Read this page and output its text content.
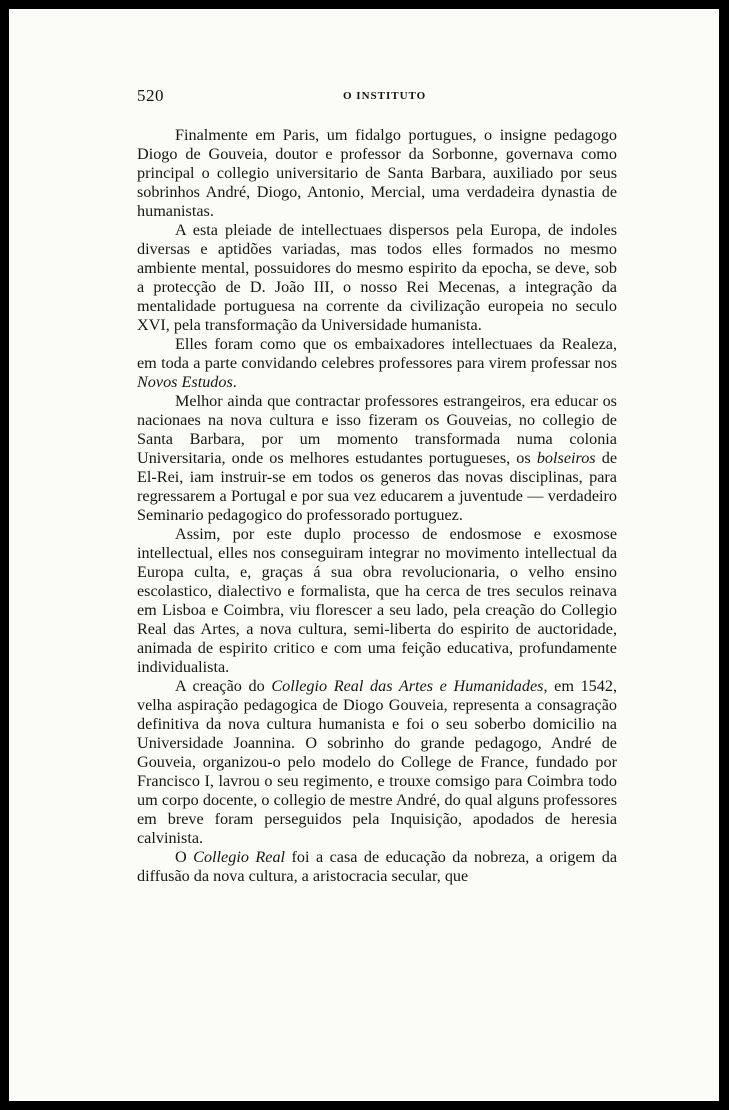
520	O INSTITUTO

Finalmente em Paris, um fidalgo portugues, o insigne pedagogo Diogo de Gouveia, doutor e professor da Sorbonne, governava como principal o collegio universitario de Santa Barbara, auxiliado por seus sobrinhos André, Diogo, Antonio, Mercial, uma verdadeira dynastia de humanistas.

A esta pleiade de intellectuaes dispersos pela Europa, de indoles diversas e aptidões variadas, mas todos elles formados no mesmo ambiente mental, possuidores do mesmo espirito da epocha, se deve, sob a protecção de D. João III, o nosso Rei Mecenas, a integração da mentalidade portuguesa na corrente da civilização europeia no seculo XVI, pela transformação da Universidade humanista.

Elles foram como que os embaixadores intellectuaes da Realeza, em toda a parte convidando celebres professores para virem professar nos Novos Estudos.

Melhor ainda que contractar professores estrangeiros, era educar os nacionaes na nova cultura e isso fizeram os Gouveias, no collegio de Santa Barbara, por um momento transformada numa colonia Universitaria, onde os melhores estudantes portugueses, os bolseiros de El-Rei, iam instruir-se em todos os generos das novas disciplinas, para regressarem a Portugal e por sua vez educarem a juventude — verdadeiro Seminario pedagogico do professorado portuguez.

Assim, por este duplo processo de endosmose e exosmose intellectual, elles nos conseguiram integrar no movimento intellectual da Europa culta, e, graças á sua obra revolucionaria, o velho ensino escolastico, dialectivo e formalista, que ha cerca de tres seculos reinava em Lisboa e Coimbra, viu florescer a seu lado, pela creação do Collegio Real das Artes, a nova cultura, semi-liberta do espirito de auctoridade, animada de espirito critico e com uma feição educativa, profundamente individualista.

A creação do Collegio Real das Artes e Humanidades, em 1542, velha aspiração pedagogica de Diogo Gouveia, representa a consagração definitiva da nova cultura humanista e foi o seu soberbo domicilio na Universidade Joannina. O sobrinho do grande pedagogo, André de Gouveia, organizou-o pelo modelo do College de France, fundado por Francisco I, lavrou o seu regimento, e trouxe comsigo para Coimbra todo um corpo docente, o collegio de mestre André, do qual alguns professores em breve foram perseguidos pela Inquisição, apodados de heresia calvinista.

O Collegio Real foi a casa de educação da nobreza, a origem da diffusão da nova cultura, a aristocracia secular, que
